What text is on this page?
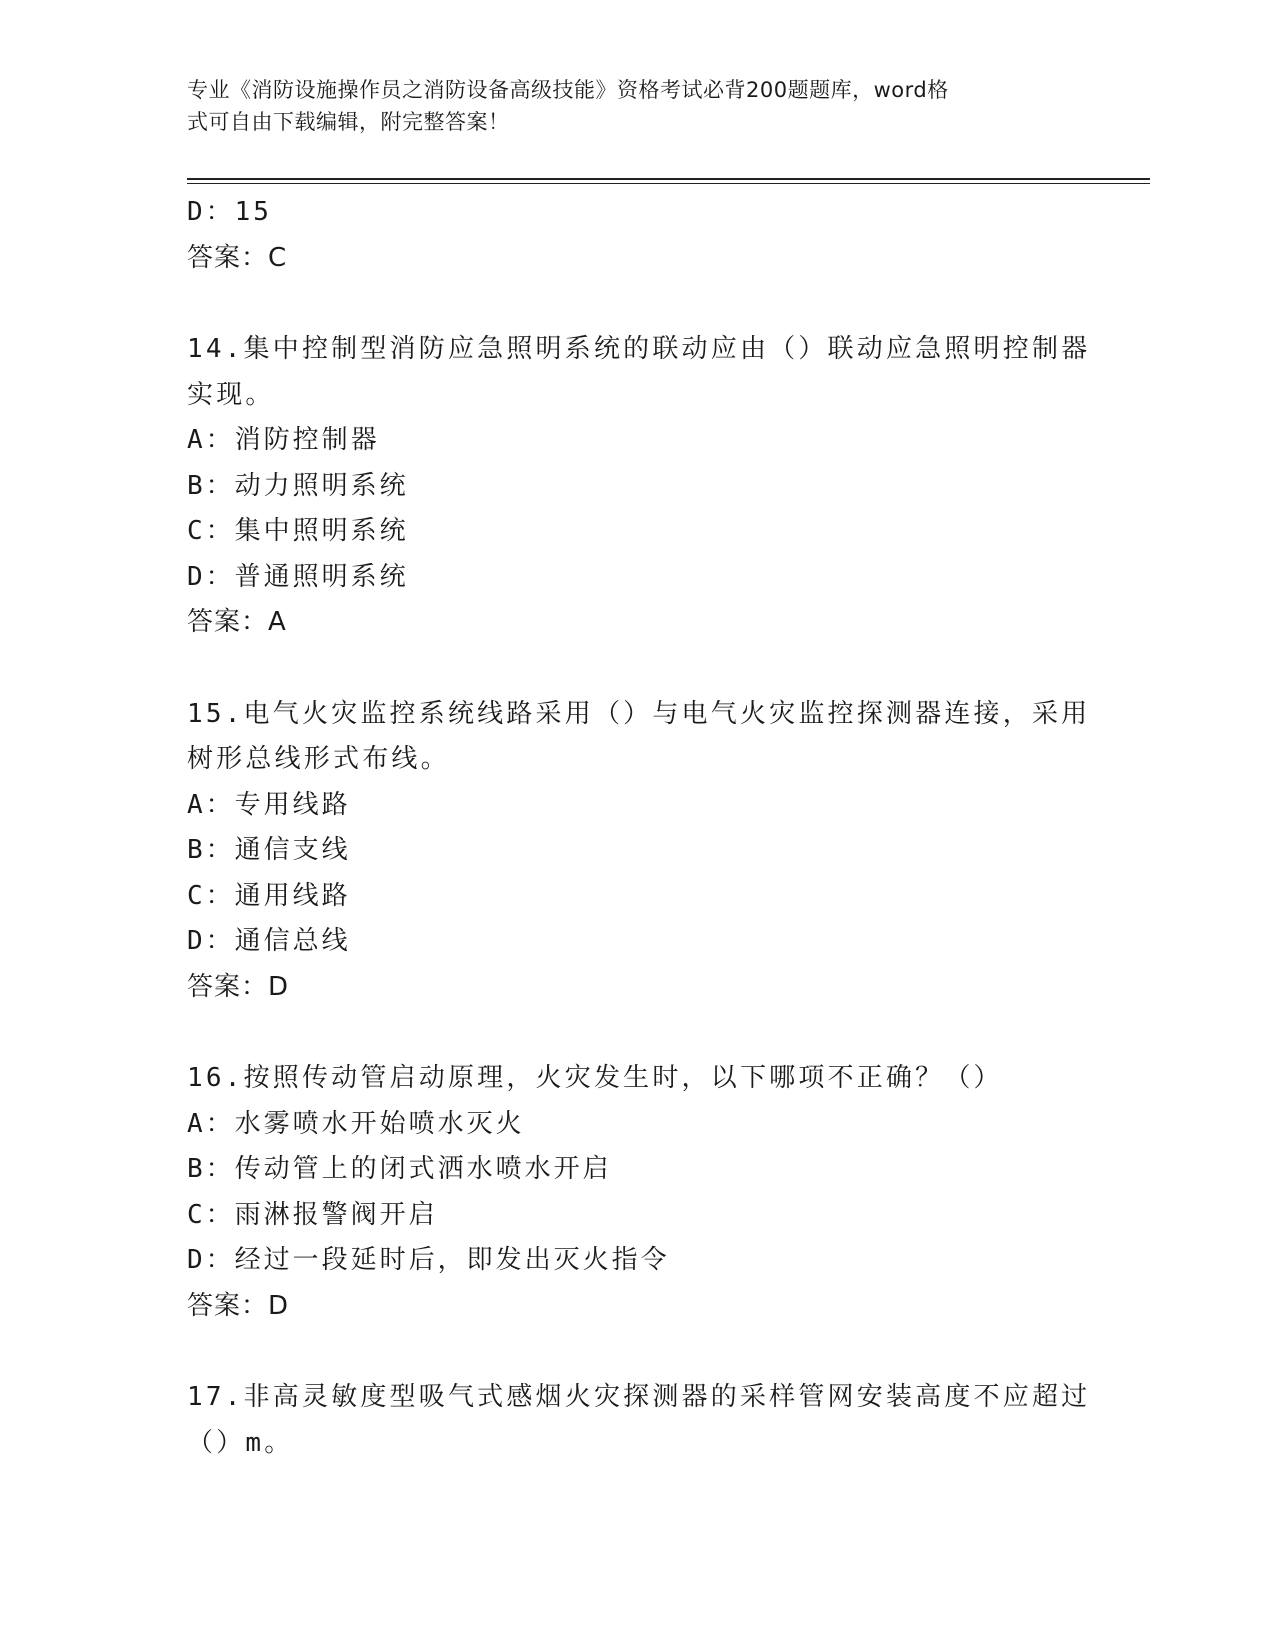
专业《消防设施操作员之消防设备高级技能》资格考试必背200题题库，word格
式可自由下载编辑，附完整答案！
D：15
答案：C
14.集中控制型消防应急照明系统的联动应由（）联动应急照明控制器
实现。
A：消防控制器
B：动力照明系统
C：集中照明系统
D：普通照明系统
答案：A
15.电气火灾监控系统线路采用（）与电气火灾监控探测器连接，采用
树形总线形式布线。
A：专用线路
B：通信支线
C：通用线路
D：通信总线
答案：D
16.按照传动管启动原理，火灾发生时，以下哪项不正确？（）
A：水雾喷水开始喷水灭火
B：传动管上的闭式洒水喷水开启
C：雨淋报警阀开启
D：经过一段延时后，即发出灭火指令
答案：D
17.非高灵敏度型吸气式感烟火灾探测器的采样管网安装高度不应超过
（）m。
